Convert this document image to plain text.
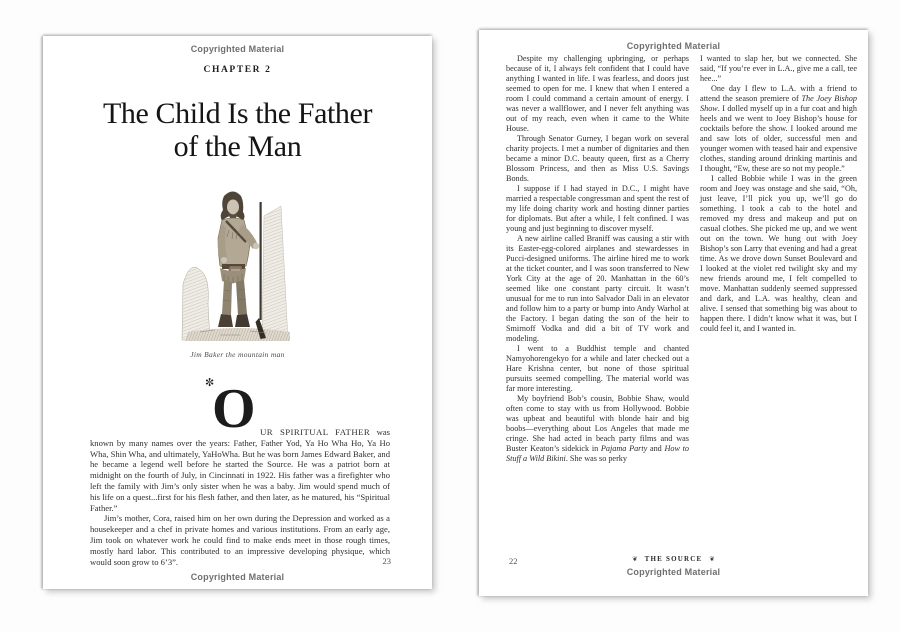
Copyrighted Material
CHAPTER 2
The Child Is the Father
of the Man
Jim Baker the mountain man
✼
O UR SPIRITUAL FATHER was known by many names over the years: Father, Father Yod, Ya Ho Wha Ho, Ya Ho Wha, Shin Wha, and ultimately, YaHoWha. But he was born James Edward Baker, and he became a legend well before he started the Source. He was a patriot born at midnight on the fourth of July, in Cincinnati in 1922. His father was a firefighter who left the family with Jim’s only sister when he was a baby. Jim would spend much of his life on a quest...first for his flesh father, and then later, as he matured, his “Spiritual Father.”

Jim’s mother, Cora, raised him on her own during the Depression and worked as a housekeeper and a chef in private homes and various institutions. From an early age, Jim took on whatever work he could find to make ends meet in those rough times, mostly hard labor. This contributed to an impressive developing physique, which would soon grow to 6’3”.	23
Copyrighted Material
Copyrighted Material

Despite my challenging upbringing, or perhaps because of it, I always felt confident that I could have anything I wanted in life. I was fearless, and doors just seemed to open for me. I knew that when I entered a room I could command a certain amount of energy. I was never a wallflower, and I never felt anything was out of my reach, even when it came to the White House.

Through Senator Gurney, I began work on several charity projects. I met a number of dignitaries and then became a minor D.C. beauty queen, first as a Cherry Blossom Princess, and then as Miss U.S. Savings Bonds.

I suppose if I had stayed in D.C., I might have married a respectable congressman and spent the rest of my life doing charity work and hosting dinner parties for diplomats. But after a while, I felt confined. I was young and just beginning to discover myself.

A new airline called Braniff was causing a stir with its Easter-egg-colored airplanes and stewardesses in Pucci-designed uniforms. The airline hired me to work at the ticket counter, and I was soon transferred to New York City at the age of 20. Manhattan in the 60’s seemed like one constant party circuit. It wasn’t unusual for me to run into Salvador Dali in an elevator and follow him to a party or bump into Andy Warhol at the Factory. I began dating the son of the heir to Smirnoff Vodka and did a bit of TV work and modeling.

I went to a Buddhist temple and chanted Namyohorengekyo for a while and later checked out a Hare Krishna center, but none of those spiritual pursuits seemed compelling. The material world was far more interesting.

My boyfriend Bob’s cousin, Bobbie Shaw, would often come to stay with us from Hollywood. Bobbie was upbeat and beautiful with blonde hair and big boobs—everything about Los Angeles that made me cringe. She had acted in beach party films and was Buster Keaton’s sidekick in Pajama Party and How to Stuff a Wild Bikini. She was so perky

I wanted to slap her, but we connected. She said, “If you’re ever in L.A., give me a call, tee hee...”

One day I flew to L.A. with a friend to attend the season premiere of The Joey Bishop Show. I dolled myself up in a fur coat and high heels and we went to Joey Bishop’s house for cocktails before the show. I looked around me and saw lots of older, successful men and younger women with teased hair and expensive clothes, standing around drinking martinis and I thought, “Ew, these are so not my people.”

I called Bobbie while I was in the green room and Joey was onstage and she said, “Oh, just leave, I’ll pick you up, we’ll go do something. I took a cab to the hotel and removed my dress and makeup and put on casual clothes. She picked me up, and we went out on the town. We hung out with Joey Bishop’s son Larry that evening and had a great time. As we drove down Sunset Boulevard and I looked at the violet red twilight sky and my new friends around me, I felt compelled to move. Manhattan suddenly seemed suppressed and dark, and L.A. was healthy, clean and alive. I sensed that something big was about to happen there. I didn’t know what it was, but I could feel it, and I wanted in.

22	❦ THE SOURCE ❦
Copyrighted Material
